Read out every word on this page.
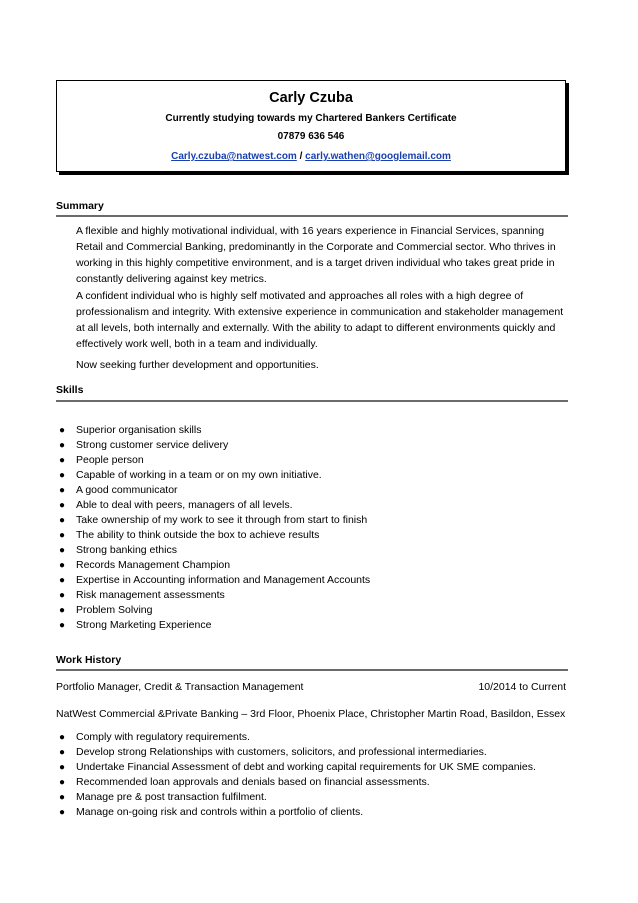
Carly Czuba
Currently studying towards my Chartered Bankers Certificate
07879 636 546
Carly.czuba@natwest.com / carly.wathen@googlemail.com
Summary
A flexible and highly motivational individual, with 16 years experience in Financial Services, spanning Retail and Commercial Banking, predominantly in the Corporate and Commercial sector. Who thrives in working in this highly competitive environment, and is a target driven individual who takes great pride in constantly delivering against key metrics.
A confident individual who is highly self motivated and approaches all roles with a high degree of professionalism and integrity. With extensive experience in communication and stakeholder management at all levels, both internally and externally. With the ability to adapt to different environments quickly and effectively work well, both in a team and individually.
Now seeking further development and opportunities.
Skills
● Superior organisation skills
● Strong customer service delivery
● People person
● Capable of working in a team or on my own initiative.
● A good communicator
● Able to deal with peers, managers of all levels.
● Take ownership of my work to see it through from start to finish
● The ability to think outside the box to achieve results
● Strong banking ethics
● Records Management Champion
● Expertise in Accounting information and Management Accounts
● Risk management assessments
● Problem Solving
● Strong Marketing Experience
Work History
Portfolio Manager, Credit & Transaction Management	10/2014 to Current
NatWest Commercial &Private Banking – 3rd Floor, Phoenix Place, Christopher Martin Road, Basildon, Essex
● Comply with regulatory requirements.
● Develop strong Relationships with customers, solicitors, and professional intermediaries.
● Undertake Financial Assessment of debt and working capital requirements for UK SME companies.
● Recommended loan approvals and denials based on financial assessments.
● Manage pre & post transaction fulfilment.
● Manage on-going risk and controls within a portfolio of clients.
